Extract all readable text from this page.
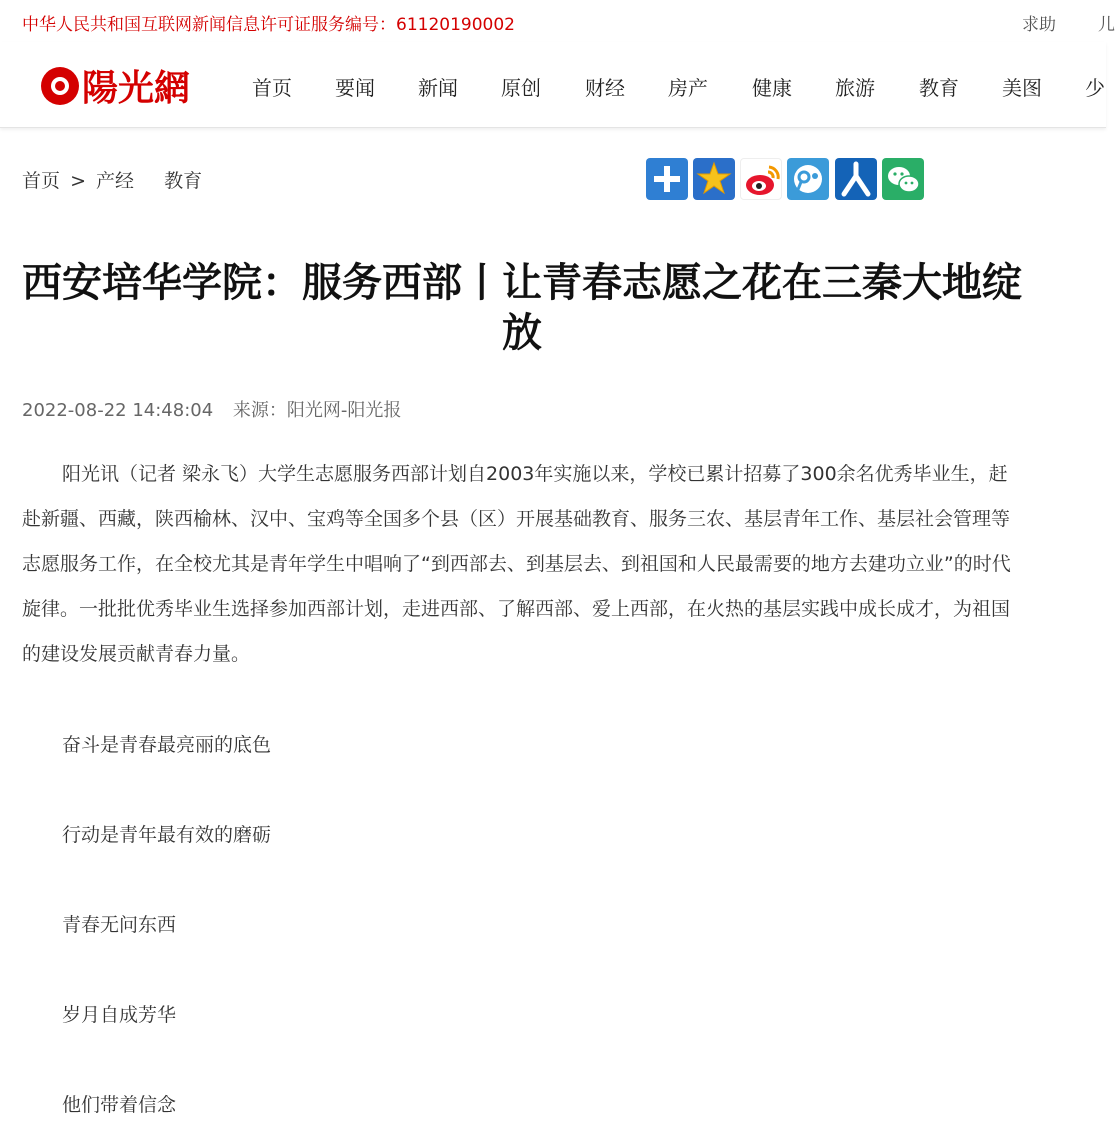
中华人民共和国互联网新闻信息许可证服务编号：61120190002	求助 儿
陽光網	首页 要闻 新闻 原创 财经 房产 健康 旅游 教育 美图 少
首页 > 产经 教育
西安培华学院：服务西部丨让青春志愿之花在三秦大地绽放
2022-08-22 14:48:04 来源：阳光网-阳光报

阳光讯（记者 梁永飞）大学生志愿服务西部计划自2003年实施以来，学校已累计招募了300余名优秀毕业生，赶赴新疆、西藏，陕西榆林、汉中、宝鸡等全国多个县（区）开展基础教育、服务三农、基层青年工作、基层社会管理等志愿服务工作，在全校尤其是青年学生中唱响了“到西部去、到基层去、到祖国和人民最需要的地方去建功立业”的时代旋律。一批批优秀毕业生选择参加西部计划，走进西部、了解西部、爱上西部，在火热的基层实践中成长成才，为祖国的建设发展贡献青春力量。

奋斗是青春最亮丽的底色

行动是青年最有效的磨砺

青春无问东西

岁月自成芳华

他们带着信念
